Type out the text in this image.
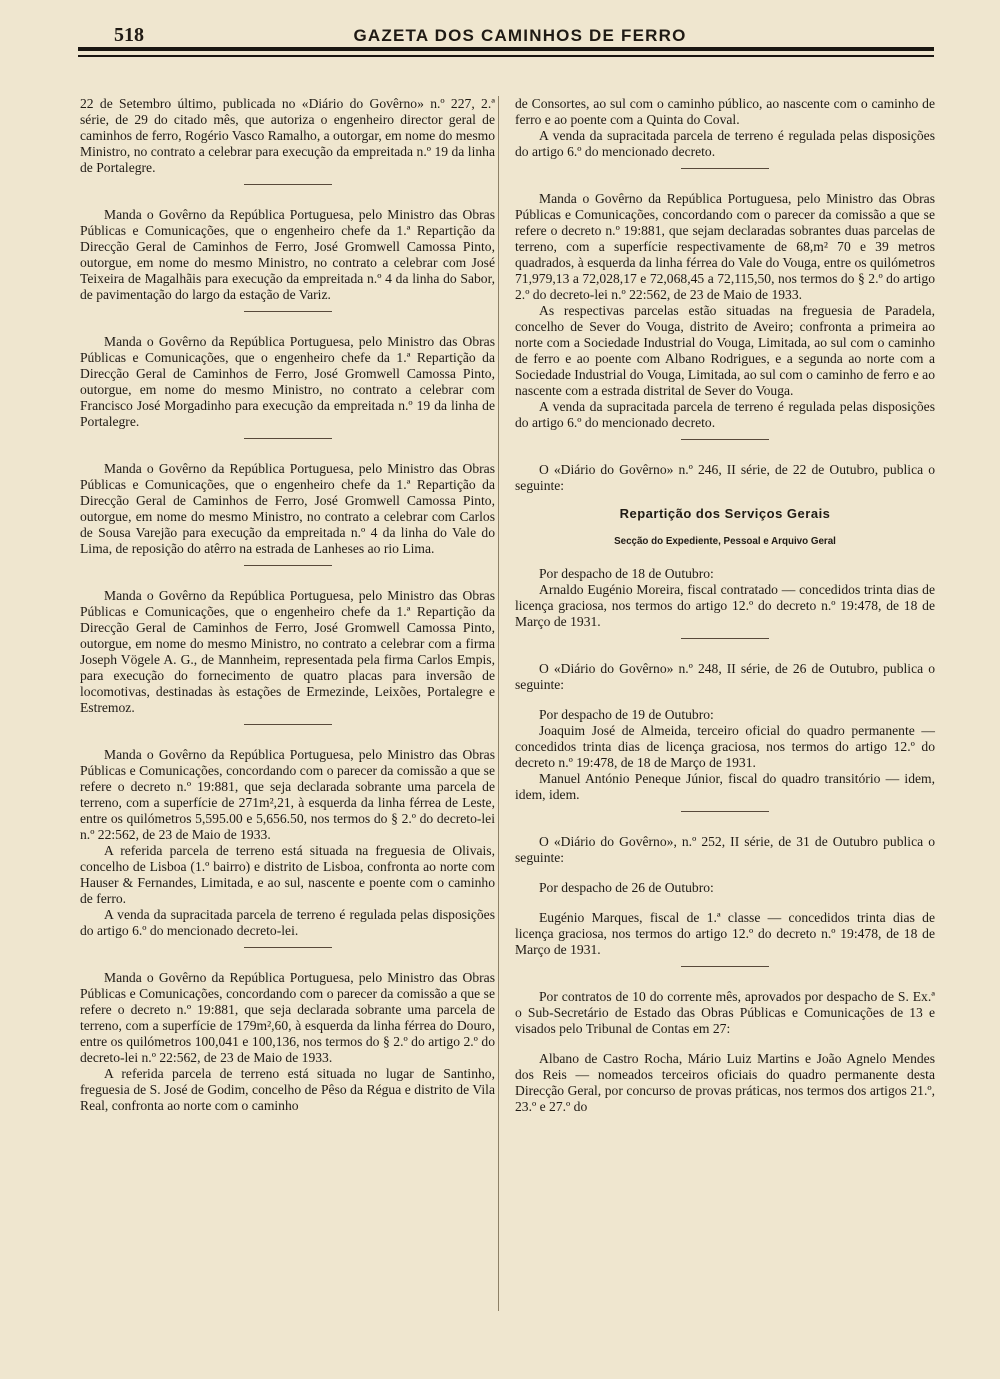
518	GAZETA DOS CAMINHOS DE FERRO

22 de Setembro último, publicada no «Diário do Govêrno» n.º 227, 2.ª série, de 29 do citado mês, que autoriza o engenheiro director geral de caminhos de ferro, Rogério Vasco Ramalho, a outorgar, em nome do mesmo Ministro, no contrato a celebrar para execução da empreitada n.º 19 da linha de Portalegre.

Manda o Govêrno da República Portuguesa, pelo Ministro das Obras Públicas e Comunicações, que o engenheiro chefe da 1.ª Repartição da Direcção Geral de Caminhos de Ferro, José Gromwell Camossa Pinto, outorgue, em nome do mesmo Ministro, no contrato a celebrar com José Teixeira de Magalhãis para execução da empreitada n.º 4 da linha do Sabor, de pavimentação do largo da estação de Variz.

Manda o Govêrno da República Portuguesa, pelo Ministro das Obras Públicas e Comunicações, que o engenheiro chefe da 1.ª Repartição da Direcção Geral de Caminhos de Ferro, José Gromwell Camossa Pinto, outorgue, em nome do mesmo Ministro, no contrato a celebrar com Francisco José Morgadinho para execução da empreitada n.º 19 da linha de Portalegre.

Manda o Govêrno da República Portuguesa, pelo Ministro das Obras Públicas e Comunicações, que o engenheiro chefe da 1.ª Repartição da Direcção Geral de Caminhos de Ferro, José Gromwell Camossa Pinto, outorgue, em nome do mesmo Ministro, no contrato a celebrar com Carlos de Sousa Varejão para execução da empreitada n.º 4 da linha do Vale do Lima, de reposição do atêrro na estrada de Lanheses ao rio Lima.

Manda o Govêrno da República Portuguesa, pelo Ministro das Obras Públicas e Comunicações, que o engenheiro chefe da 1.ª Repartição da Direcção Geral de Caminhos de Ferro, José Gromwell Camossa Pinto, outorgue, em nome do mesmo Ministro, no contrato a celebrar com a firma Joseph Vögele A. G., de Mannheim, representada pela firma Carlos Empis, para execução do fornecimento de quatro placas para inversão de locomotivas, destinadas às estações de Ermezinde, Leixões, Portalegre e Estremoz.

Manda o Govêrno da República Portuguesa, pelo Ministro das Obras Públicas e Comunicações, concordando com o parecer da comissão a que se refere o decreto n.º 19:881, que seja declarada sobrante uma parcela de terreno, com a superfície de 271m²,21, à esquerda da linha férrea de Leste, entre os quilómetros 5,595.00 e 5,656.50, nos termos do § 2.º do decreto-lei n.º 22:562, de 23 de Maio de 1933.

A referida parcela de terreno está situada na freguesia de Olivais, concelho de Lisboa (1.º bairro) e distrito de Lisboa, confronta ao norte com Hauser & Fernandes, Limitada, e ao sul, nascente e poente com o caminho de ferro.

A venda da supracitada parcela de terreno é regulada pelas disposições do artigo 6.º do mencionado decreto-lei.

Manda o Govêrno da República Portuguesa, pelo Ministro das Obras Públicas e Comunicações, concordando com o parecer da comissão a que se refere o decreto n.º 19:881, que seja declarada sobrante uma parcela de terreno, com a superfície de 179m²,60, à esquerda da linha férrea do Douro, entre os quilómetros 100,041 e 100,136, nos termos do § 2.º do artigo 2.º do decreto-lei n.º 22:562, de 23 de Maio de 1933.

A referida parcela de terreno está situada no lugar de Santinho, freguesia de S. José de Godim, concelho de Pêso da Régua e distrito de Vila Real, confronta ao norte com o caminho

de Consortes, ao sul com o caminho público, ao nascente com o caminho de ferro e ao poente com a Quinta do Coval.

A venda da supracitada parcela de terreno é regulada pelas disposições do artigo 6.º do mencionado decreto.

Manda o Govêrno da República Portuguesa, pelo Ministro das Obras Públicas e Comunicações, concordando com o parecer da comissão a que se refere o decreto n.º 19:881, que sejam declaradas sobrantes duas parcelas de terreno, com a superfície respectivamente de 68,m² 70 e 39 metros quadrados, à esquerda da linha férrea do Vale do Vouga, entre os quilómetros 71,979,13 a 72,028,17 e 72,068,45 a 72,115,50, nos termos do § 2.º do artigo 2.º do decreto-lei n.º 22:562, de 23 de Maio de 1933.

As respectivas parcelas estão situadas na freguesia de Paradela, concelho de Sever do Vouga, distrito de Aveiro; confronta a primeira ao norte com a Sociedade Industrial do Vouga, Limitada, ao sul com o caminho de ferro e ao poente com Albano Rodrigues, e a segunda ao norte com a Sociedade Industrial do Vouga, Limitada, ao sul com o caminho de ferro e ao nascente com a estrada distrital de Sever do Vouga.

A venda da supracitada parcela de terreno é regulada pelas disposições do artigo 6.º do mencionado decreto.

O «Diário do Govêrno» n.º 246, II série, de 22 de Outubro, publica o seguinte:

Repartição dos Serviços Gerais
Secção do Expediente, Pessoal e Arquivo Geral

Por despacho de 18 de Outubro:

Arnaldo Eugénio Moreira, fiscal contratado — concedidos trinta dias de licença graciosa, nos termos do artigo 12.º do decreto n.º 19:478, de 18 de Março de 1931.

O «Diário do Govêrno» n.º 248, II série, de 26 de Outubro, publica o seguinte:

Por despacho de 19 de Outubro:

Joaquim José de Almeida, terceiro oficial do quadro permanente — concedidos trinta dias de licença graciosa, nos termos do artigo 12.º do decreto n.º 19:478, de 18 de Março de 1931.

Manuel António Peneque Júnior, fiscal do quadro transitório — idem, idem, idem.

O «Diário do Govêrno», n.º 252, II série, de 31 de Outubro publica o seguinte:

Por despacho de 26 de Outubro:

Eugénio Marques, fiscal de 1.ª classe — concedidos trinta dias de licença graciosa, nos termos do artigo 12.º do decreto n.º 19:478, de 18 de Março de 1931.

Por contratos de 10 do corrente mês, aprovados por despacho de S. Ex.ª o Sub-Secretário de Estado das Obras Públicas e Comunicações de 13 e visados pelo Tribunal de Contas em 27:

Albano de Castro Rocha, Mário Luiz Martins e João Agnelo Mendes dos Reis — nomeados terceiros oficiais do quadro permanente desta Direcção Geral, por concurso de provas práticas, nos termos dos artigos 21.º, 23.º e 27.º do
